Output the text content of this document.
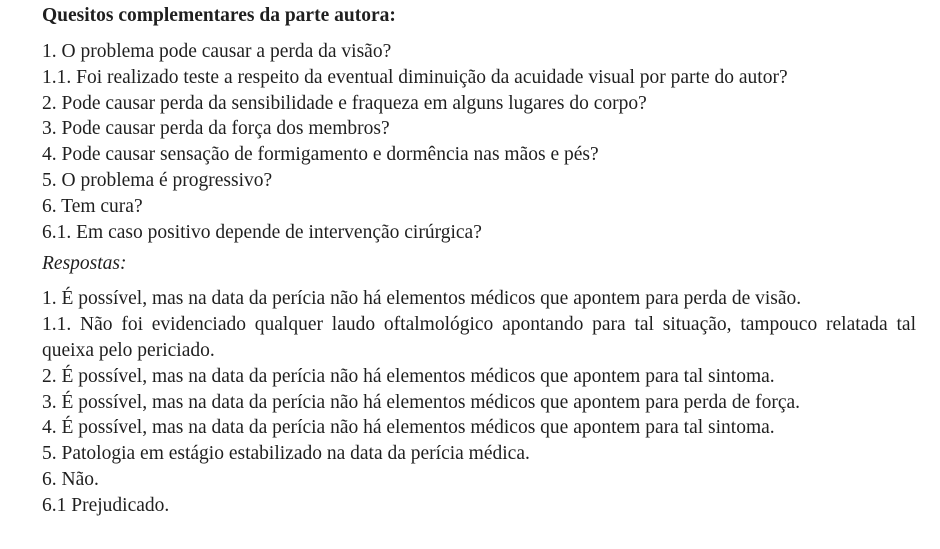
Quesitos complementares da parte autora:

1. O problema pode causar a perda da visão?

1.1. Foi realizado teste a respeito da eventual diminuição da acuidade visual por parte do autor?

2. Pode causar perda da sensibilidade e fraqueza em alguns lugares do corpo?

3. Pode causar perda da força dos membros?

4. Pode causar sensação de formigamento e dormência nas mãos e pés?

5. O problema é progressivo?

6. Tem cura?

6.1. Em caso positivo depende de intervenção cirúrgica?

Respostas:

1. É possível, mas na data da perícia não há elementos médicos que apontem para perda de visão.

1.1. Não foi evidenciado qualquer laudo oftalmológico apontando para tal situação, tampouco relatada tal queixa pelo periciado.

2. É possível, mas na data da perícia não há elementos médicos que apontem para tal sintoma.

3. É possível, mas na data da perícia não há elementos médicos que apontem para perda de força.

4. É possível, mas na data da perícia não há elementos médicos que apontem para tal sintoma.

5. Patologia em estágio estabilizado na data da perícia médica.

6. Não.

6.1 Prejudicado.
